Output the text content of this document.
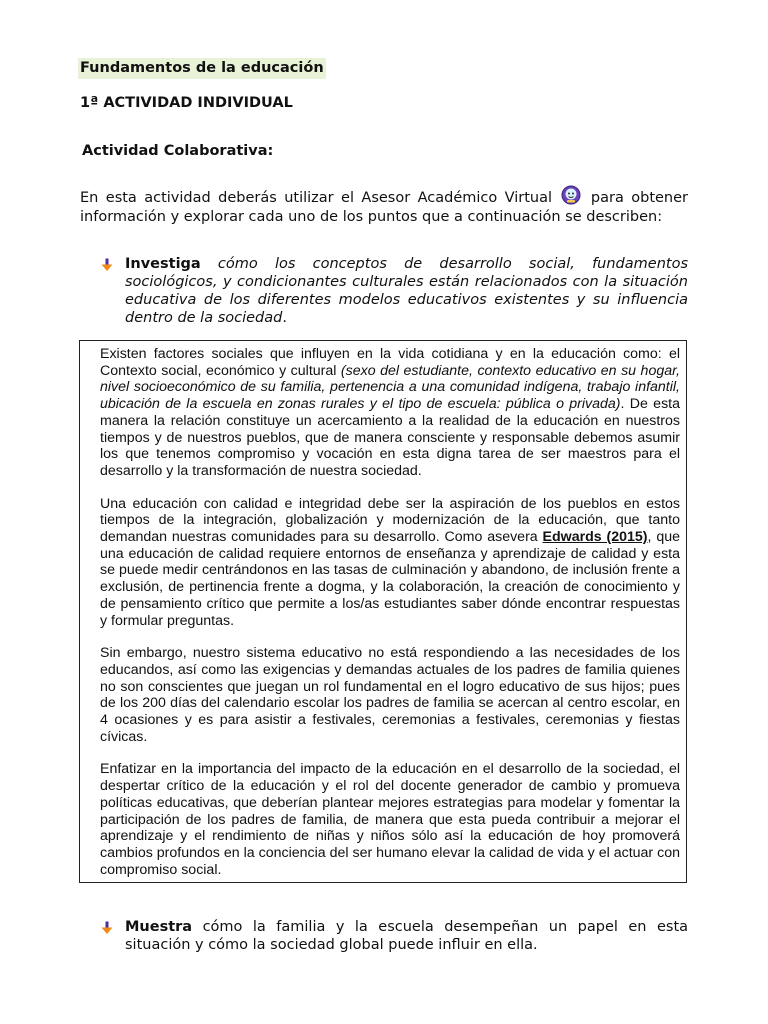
Fundamentos de la educación
1ª ACTIVIDAD INDIVIDUAL
Actividad Colaborativa:
En esta actividad deberás utilizar el Asesor Académico Virtual	para obtener información y explorar cada uno de los puntos que a continuación se describen:
Investiga cómo los conceptos de desarrollo social, fundamentos sociológicos, y condicionantes culturales están relacionados con la situación educativa de los diferentes modelos educativos existentes y su influencia dentro de la sociedad.

Existen factores sociales que influyen en la vida cotidiana y en la educación como: el Contexto social, económico y cultural (sexo del estudiante, contexto educativo en su hogar, nivel socioeconómico de su familia, pertenencia a una comunidad indígena, trabajo infantil, ubicación de la escuela en zonas rurales y el tipo de escuela: pública o privada). De esta manera la relación constituye un acercamiento a la realidad de la educación en nuestros tiempos y de nuestros pueblos, que de manera consciente y responsable debemos asumir los que tenemos compromiso y vocación en esta digna tarea de ser maestros para el desarrollo y la transformación de nuestra sociedad.

Una educación con calidad e integridad debe ser la aspiración de los pueblos en estos tiempos de la integración, globalización y modernización de la educación, que tanto demandan nuestras comunidades para su desarrollo. Como asevera Edwards (2015), que una educación de calidad requiere entornos de enseñanza y aprendizaje de calidad y esta se puede medir centrándonos en las tasas de culminación y abandono, de inclusión frente a exclusión, de pertinencia frente a dogma, y la colaboración, la creación de conocimiento y de pensamiento crítico que permite a los/as estudiantes saber dónde encontrar respuestas y formular preguntas.

Sin embargo, nuestro sistema educativo no está respondiendo a las necesidades de los educandos, así como las exigencias y demandas actuales de los padres de familia quienes no son conscientes que juegan un rol fundamental en el logro educativo de sus hijos; pues de los 200 días del calendario escolar los padres de familia se acercan al centro escolar, en 4 ocasiones y es para asistir a festivales, ceremonias a festivales, ceremonias y fiestas cívicas.

Enfatizar en la importancia del impacto de la educación en el desarrollo de la sociedad, el despertar crítico de la educación y el rol del docente generador de cambio y promueva políticas educativas, que deberían plantear mejores estrategias para modelar y fomentar la participación de los padres de familia, de manera que esta pueda contribuir a mejorar el aprendizaje y el rendimiento de niñas y niños sólo así la educación de hoy promoverá cambios profundos en la conciencia del ser humano elevar la calidad de vida y el actuar con compromiso social.

Muestra cómo la familia y la escuela desempeñan un papel en esta situación y cómo la sociedad global puede influir en ella.
